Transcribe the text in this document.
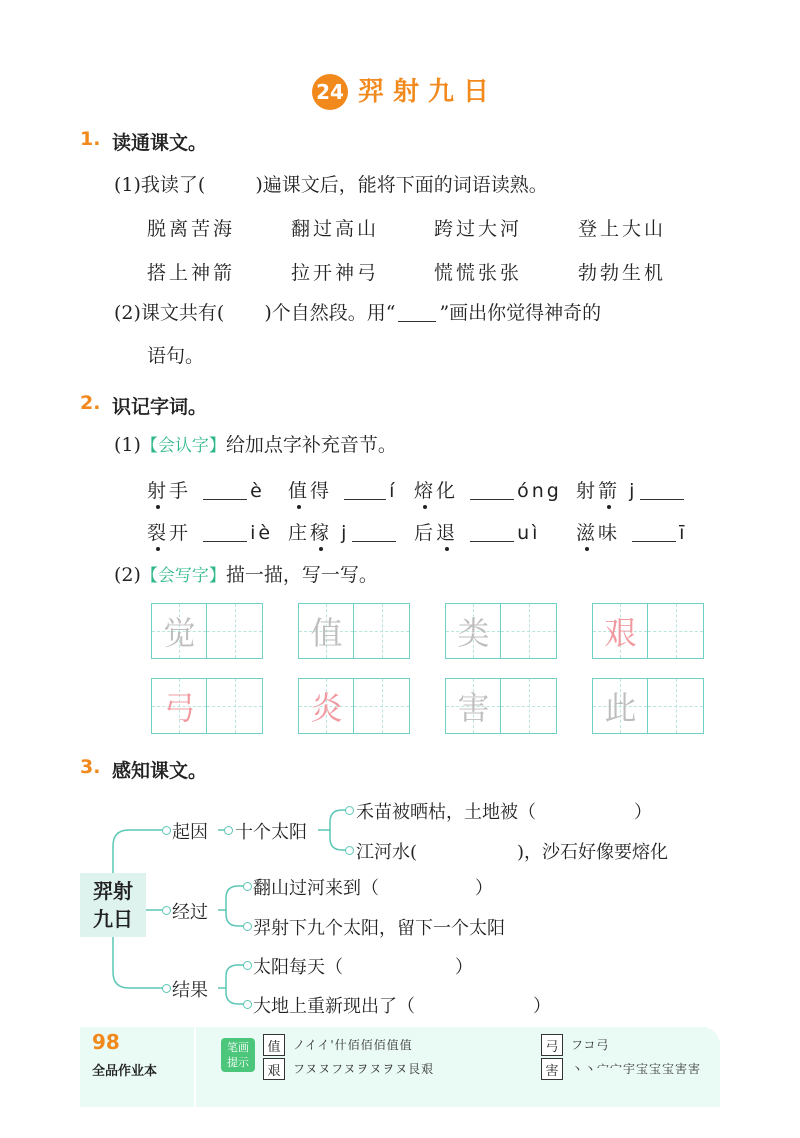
24 羿射九日
1. 读通课文。
(1)我读了(	)遍课文后，能将下面的词语读熟。
脱离苦海	翻过高山	跨过大河	登上大山
搭上神箭	拉开神弓	慌慌张张	勃勃生机
(2)课文共有( )个自然段。用“ ”画出你觉得神奇的
语句。
2. 识记字词。
(1)【会认字】给加点字补充音节。
射手	è 值得	í 熔化	óng 射箭 j
裂开	iè 庄稼 j	后退	uì 滋味	ī
(2)【会写字】描一描，写一写。
觉	值	类	艰
弓	炎	害	此
3. 感知课文。
羿射
九日
起因 十个太阳
禾苗被晒枯，土地被（	）
江河水(	)，沙石好像要熔化
经过
翻山过河来到（	）
羿射下九个太阳，留下一个太阳
结果
太阳每天（	）
大地上重新现出了（	）
98
全品作业本
笔画
提示
值	ノイイ'什佰佰佰值值
艰	フヌヌフヌヲヌヲヌ艮艰
弓	フコ弓
害	丶丶宀宀宇宝宝宝害害
